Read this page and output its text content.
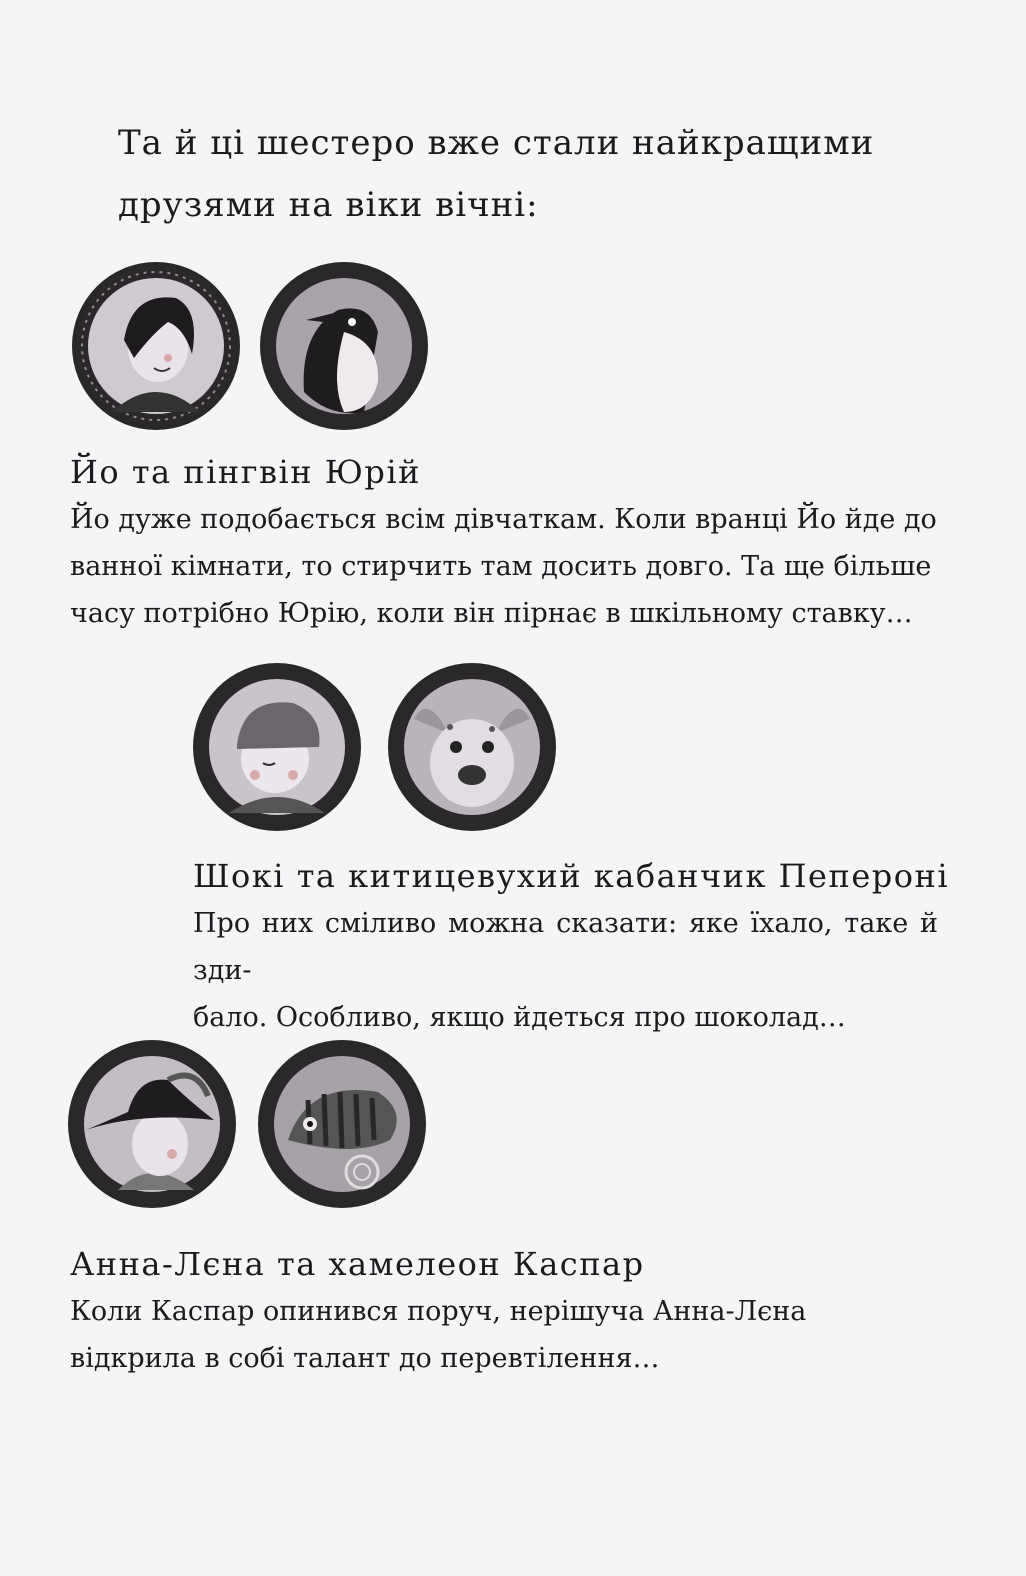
Та й ці шестеро вже стали найкращими
друзями на віки вічні:
Йо та пінгвін Юрій
Йо дуже подобається всім дівчаткам. Коли вранці Йо йде до
ванної кімнати, то стирчить там досить довго. Та ще більше
часу потрібно Юрію, коли він пірнає в шкільному ставку…
Шокі та китицевухий кабанчик Пепероні
Про них сміливо можна сказати: яке їхало, таке й зди-
бало. Особливо, якщо йдеться про шоколад…
Анна-Лєна та хамелеон Каспар
Коли Каспар опинився поруч, нерішуча Анна-Лєна
відкрила в собі талант до перевтілення…
